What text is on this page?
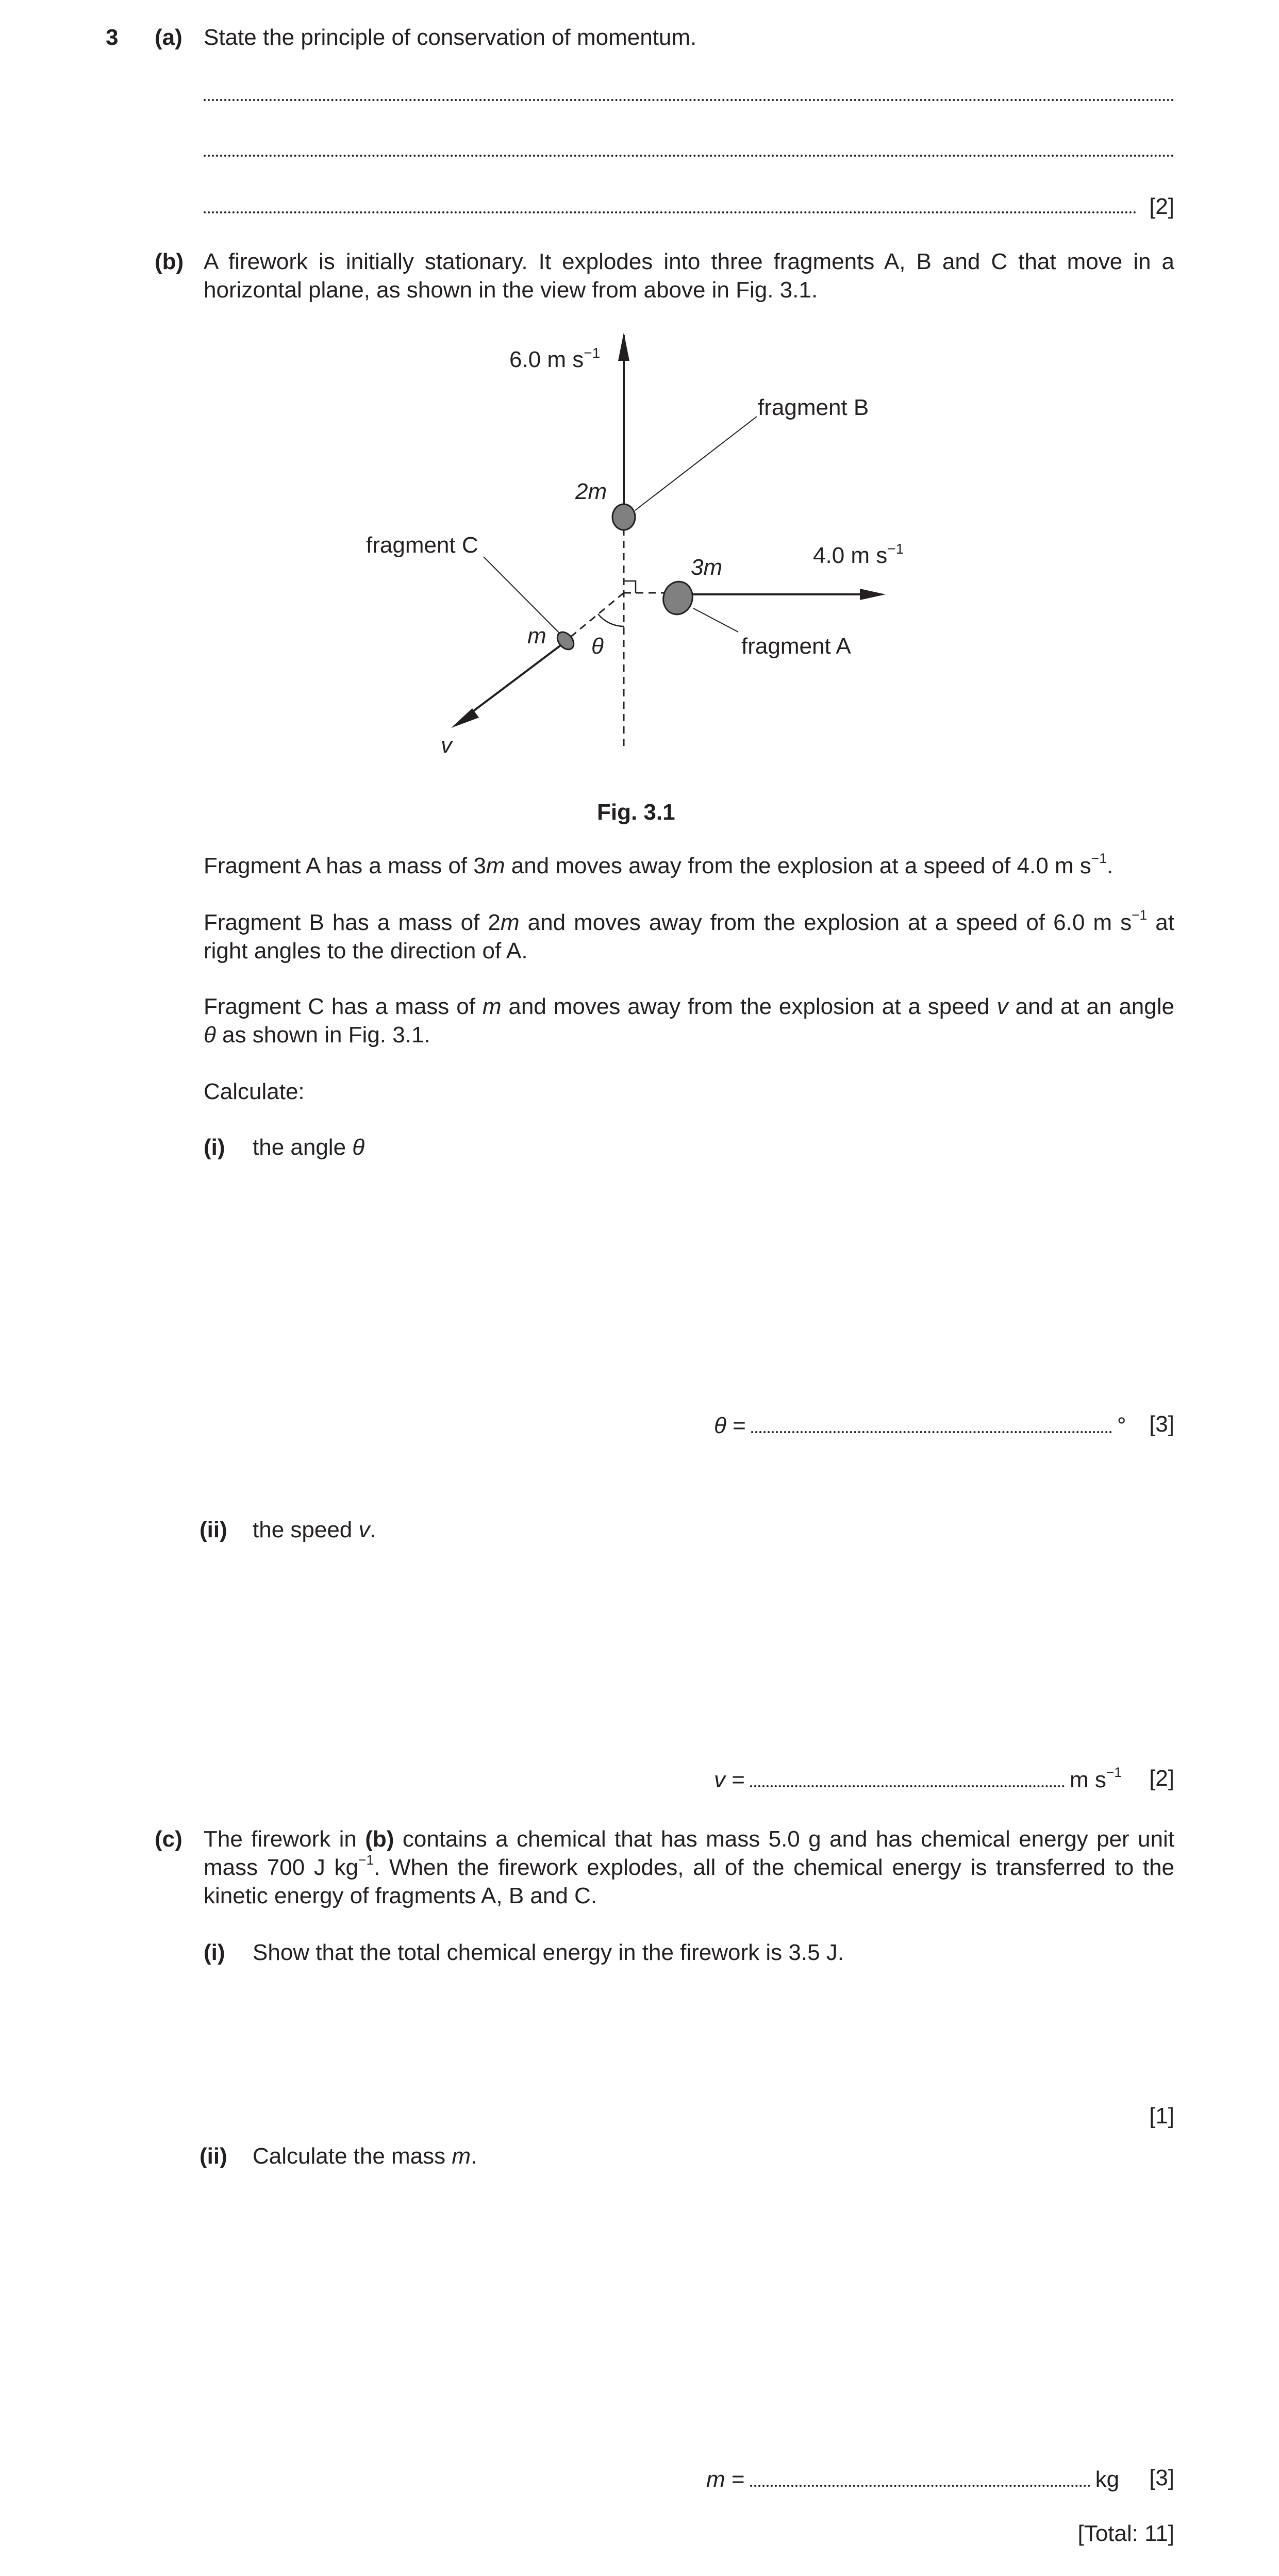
3 (a) State the principle of conservation of momentum.
[2]
(b) A firework is initially stationary. It explodes into three fragments A, B and C that move in a horizontal plane, as shown in the view from above in Fig. 3.1.
6.0 m $s^{-1}$
fragment B
2m
fragment C
3m	4.0 m $s^{-1}$
m θ	fragment A
v
Fig. 3.1
Fragment A has a mass of 3m and moves away from the explosion at a speed of 4.0 m $s^{-1}$.
Fragment B has a mass of 2m and moves away from the explosion at a speed of 6.0 m $s^{-1}$ at right angles to the direction of A.
Fragment C has a mass of m and moves away from the explosion at a speed v and at an angle θ as shown in Fig. 3.1.
Calculate:
(i) the angle θ
θ =	° [3]
(ii) the speed v.
v =	m $s^{-1}$ [2]
(c) The firework in (b) contains a chemical that has mass 5.0 g and has chemical energy per unit mass 700 J $kg^{-1}$. When the firework explodes, all of the chemical energy is transferred to the kinetic energy of fragments A, B and C.
(i) Show that the total chemical energy in the firework is 3.5 J.
[1]
(ii) Calculate the mass m.
m =	kg [3]
[Total: 11]
